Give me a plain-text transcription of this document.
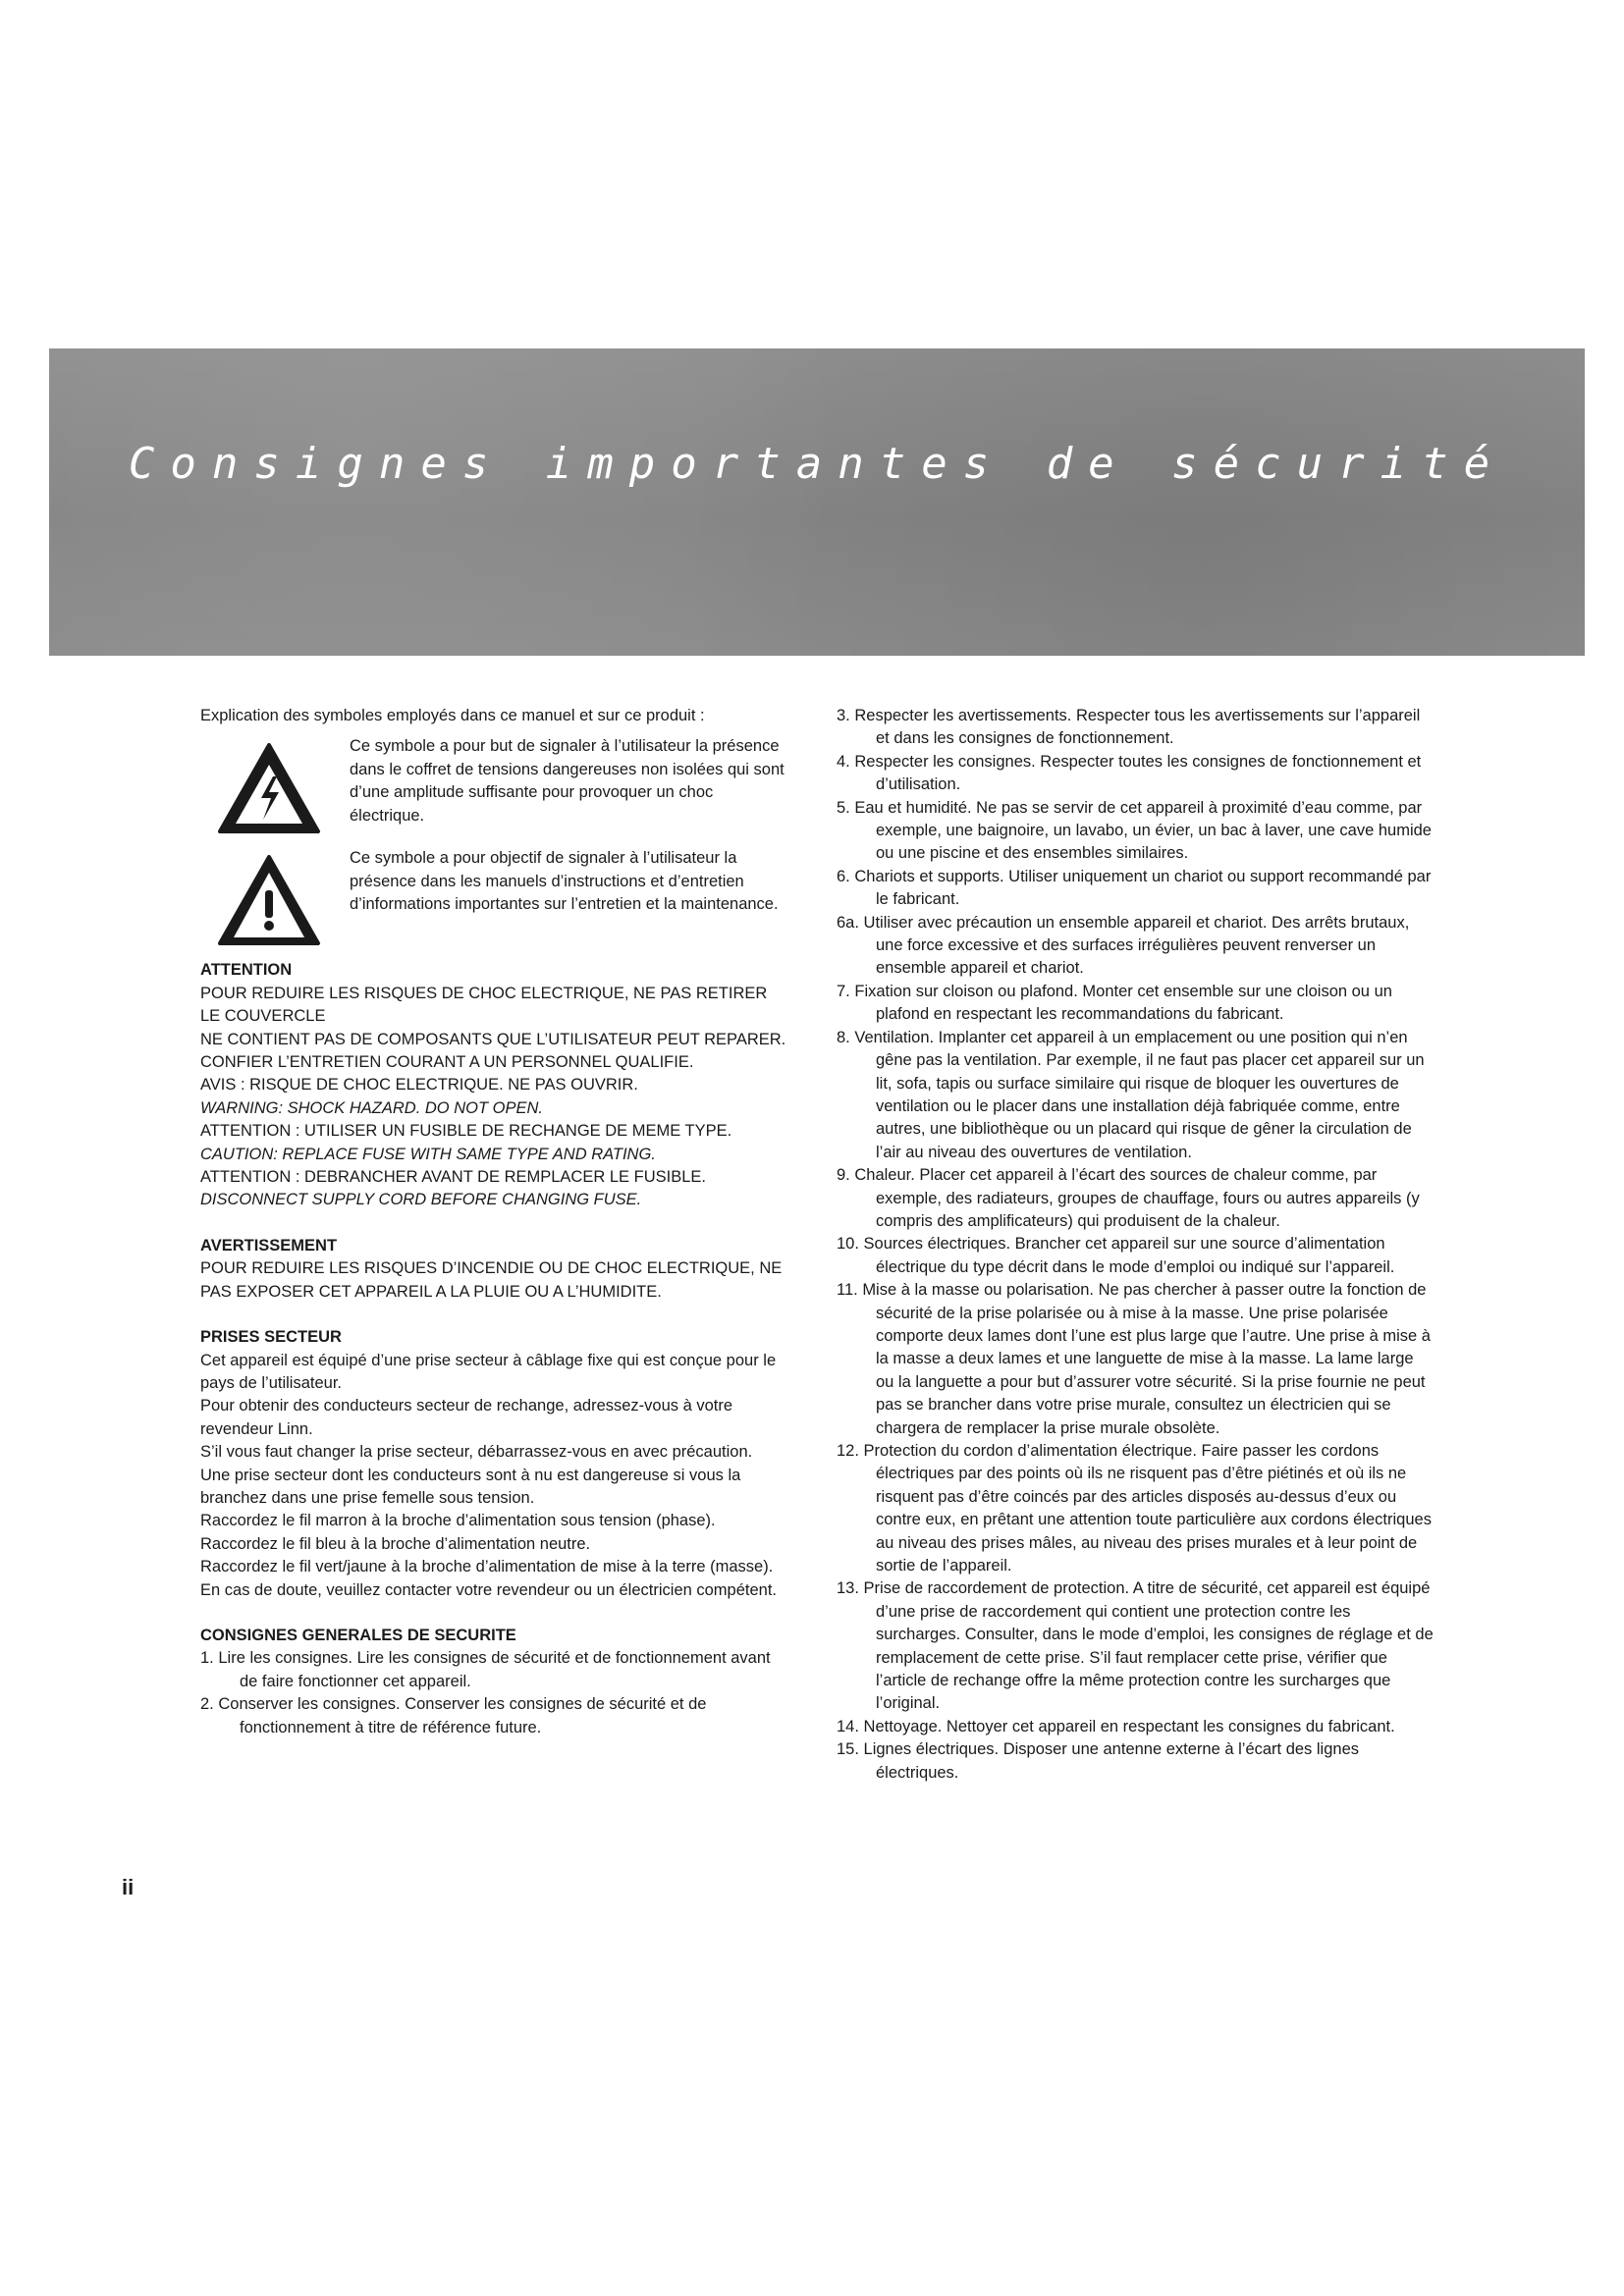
Consignes importantes de sécurité

Explication des symboles employés dans ce manuel et sur ce produit :

Ce symbole a pour but de signaler à l’utilisateur la présence dans le coffret de tensions dangereuses non isolées qui sont d’une amplitude suffisante pour provoquer un choc électrique.

Ce symbole a pour objectif de signaler à l’utilisateur la présence dans les manuels d’instructions et d’entretien d’informations importantes sur l’entretien et la maintenance.

ATTENTION

POUR REDUIRE LES RISQUES DE CHOC ELECTRIQUE, NE PAS RETIRER LE COUVERCLE

NE CONTIENT PAS DE COMPOSANTS QUE L’UTILISATEUR PEUT REPARER.

CONFIER L’ENTRETIEN COURANT A UN PERSONNEL QUALIFIE.

AVIS : RISQUE DE CHOC ELECTRIQUE. NE PAS OUVRIR.

WARNING: SHOCK HAZARD. DO NOT OPEN.

ATTENTION : UTILISER UN FUSIBLE DE RECHANGE DE MEME TYPE.

CAUTION: REPLACE FUSE WITH SAME TYPE AND RATING.

ATTENTION : DEBRANCHER AVANT DE REMPLACER LE FUSIBLE.

DISCONNECT SUPPLY CORD BEFORE CHANGING FUSE.

AVERTISSEMENT

POUR REDUIRE LES RISQUES D’INCENDIE OU DE CHOC ELECTRIQUE, NE PAS EXPOSER CET APPAREIL A LA PLUIE OU A L’HUMIDITE.

PRISES SECTEUR

Cet appareil est équipé d’une prise secteur à câblage fixe qui est conçue pour le pays de l’utilisateur.

Pour obtenir des conducteurs secteur de rechange, adressez-vous à votre revendeur Linn.

S’il vous faut changer la prise secteur, débarrassez-vous en avec précaution.

Une prise secteur dont les conducteurs sont à nu est dangereuse si vous la branchez dans une prise femelle sous tension.

Raccordez le fil marron à la broche d’alimentation sous tension (phase).

Raccordez le fil bleu à la broche d’alimentation neutre.

Raccordez le fil vert/jaune à la broche d’alimentation de mise à la terre (masse).

En cas de doute, veuillez contacter votre revendeur ou un électricien compétent.

CONSIGNES GENERALES DE SECURITE

1. Lire les consignes. Lire les consignes de sécurité et de fonctionnement avant de faire fonctionner cet appareil.
2. Conserver les consignes. Conserver les consignes de sécurité et de fonctionnement à titre de référence future.
3. Respecter les avertissements. Respecter tous les avertissements sur l’appareil et dans les consignes de fonctionnement.
4. Respecter les consignes. Respecter toutes les consignes de fonctionnement et d’utilisation.
5. Eau et humidité. Ne pas se servir de cet appareil à proximité d’eau comme, par exemple, une baignoire, un lavabo, un évier, un bac à laver, une cave humide ou une piscine et des ensembles similaires.
6. Chariots et supports. Utiliser uniquement un chariot ou support recommandé par le fabricant.
6a. Utiliser avec précaution un ensemble appareil et chariot. Des arrêts brutaux, une force excessive et des surfaces irrégulières peuvent renverser un ensemble appareil et chariot.
7. Fixation sur cloison ou plafond. Monter cet ensemble sur une cloison ou un plafond en respectant les recommandations du fabricant.
8. Ventilation. Implanter cet appareil à un emplacement ou une position qui n’en gêne pas la ventilation. Par exemple, il ne faut pas placer cet appareil sur un lit, sofa, tapis ou surface similaire qui risque de bloquer les ouvertures de ventilation ou le placer dans une installation déjà fabriquée comme, entre autres, une bibliothèque ou un placard qui risque de gêner la circulation de l’air au niveau des ouvertures de ventilation.
9. Chaleur. Placer cet appareil à l’écart des sources de chaleur comme, par exemple, des radiateurs, groupes de chauffage, fours ou autres appareils (y compris des amplificateurs) qui produisent de la chaleur.
10. Sources électriques. Brancher cet appareil sur une source d’alimentation électrique du type décrit dans le mode d’emploi ou indiqué sur l’appareil.
11. Mise à la masse ou polarisation. Ne pas chercher à passer outre la fonction de sécurité de la prise polarisée ou à mise à la masse. Une prise polarisée comporte deux lames dont l’une est plus large que l’autre. Une prise à mise à la masse a deux lames et une languette de mise à la masse. La lame large ou la languette a pour but d’assurer votre sécurité. Si la prise fournie ne peut pas se brancher dans votre prise murale, consultez un électricien qui se chargera de remplacer la prise murale obsolète.
12. Protection du cordon d’alimentation électrique. Faire passer les cordons électriques par des points où ils ne risquent pas d’être piétinés et où ils ne risquent pas d’être coincés par des articles disposés au-dessus d’eux ou contre eux, en prêtant une attention toute particulière aux cordons électriques au niveau des prises mâles, au niveau des prises murales et à leur point de sortie de l’appareil.
13. Prise de raccordement de protection. A titre de sécurité, cet appareil est équipé d’une prise de raccordement qui contient une protection contre les surcharges. Consulter, dans le mode d’emploi, les consignes de réglage et de remplacement de cette prise. S’il faut remplacer cette prise, vérifier que l’article de rechange offre la même protection contre les surcharges que l’original.
14. Nettoyage. Nettoyer cet appareil en respectant les consignes du fabricant.
15. Lignes électriques. Disposer une antenne externe à l’écart des lignes électriques.
ii
